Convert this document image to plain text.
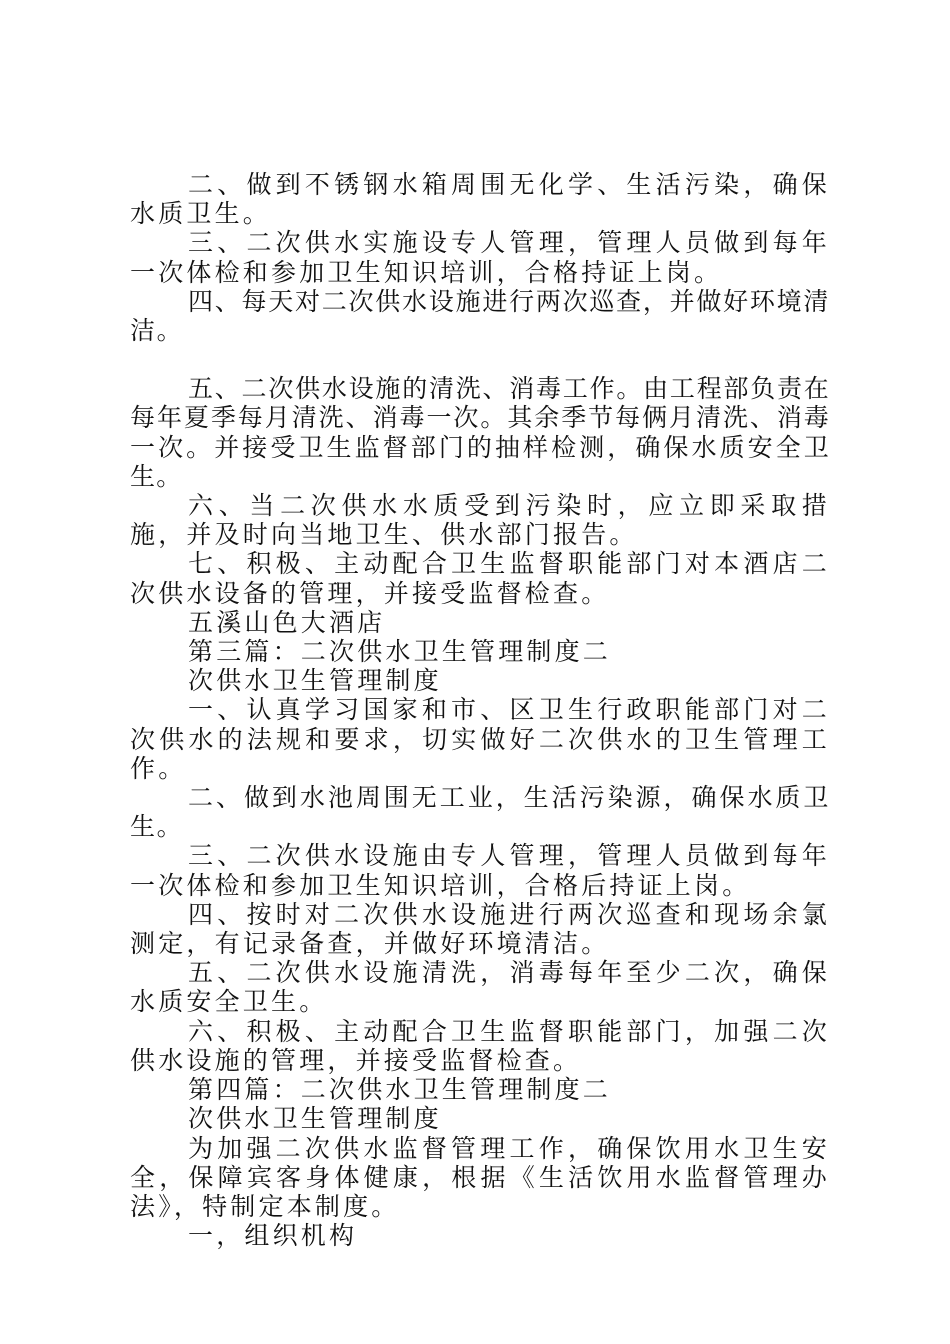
二、做到不锈钢水箱周围无化学、生活污染，确保水质卫生。

三、二次供水实施设专人管理，管理人员做到每年一次体检和参加卫生知识培训，合格持证上岗。

四、每天对二次供水设施进行两次巡查，并做好环境清洁。

五、二次供水设施的清洗、消毒工作。由工程部负责在每年夏季每月清洗、消毒一次。其余季节每俩月清洗、消毒一次。并接受卫生监督部门的抽样检测，确保水质安全卫生。

六、当二次供水水质受到污染时，应立即采取措施，并及时向当地卫生、供水部门报告。

七、积极、主动配合卫生监督职能部门对本酒店二次供水设备的管理，并接受监督检查。

五溪山色大酒店

第三篇：二次供水卫生管理制度二

次供水卫生管理制度

一、认真学习国家和市、区卫生行政职能部门对二次供水的法规和要求，切实做好二次供水的卫生管理工作。

二、做到水池周围无工业，生活污染源，确保水质卫生。

三、二次供水设施由专人管理，管理人员做到每年一次体检和参加卫生知识培训，合格后持证上岗。

四、按时对二次供水设施进行两次巡查和现场余氯测定，有记录备查，并做好环境清洁。

五、二次供水设施清洗，消毒每年至少二次，确保水质安全卫生。

六、积极、主动配合卫生监督职能部门，加强二次供水设施的管理，并接受监督检查。

第四篇：二次供水卫生管理制度二

次供水卫生管理制度

为加强二次供水监督管理工作，确保饮用水卫生安全，保障宾客身体健康，根据《生活饮用水监督管理办法》，特制定本制度。

一，组织机构
